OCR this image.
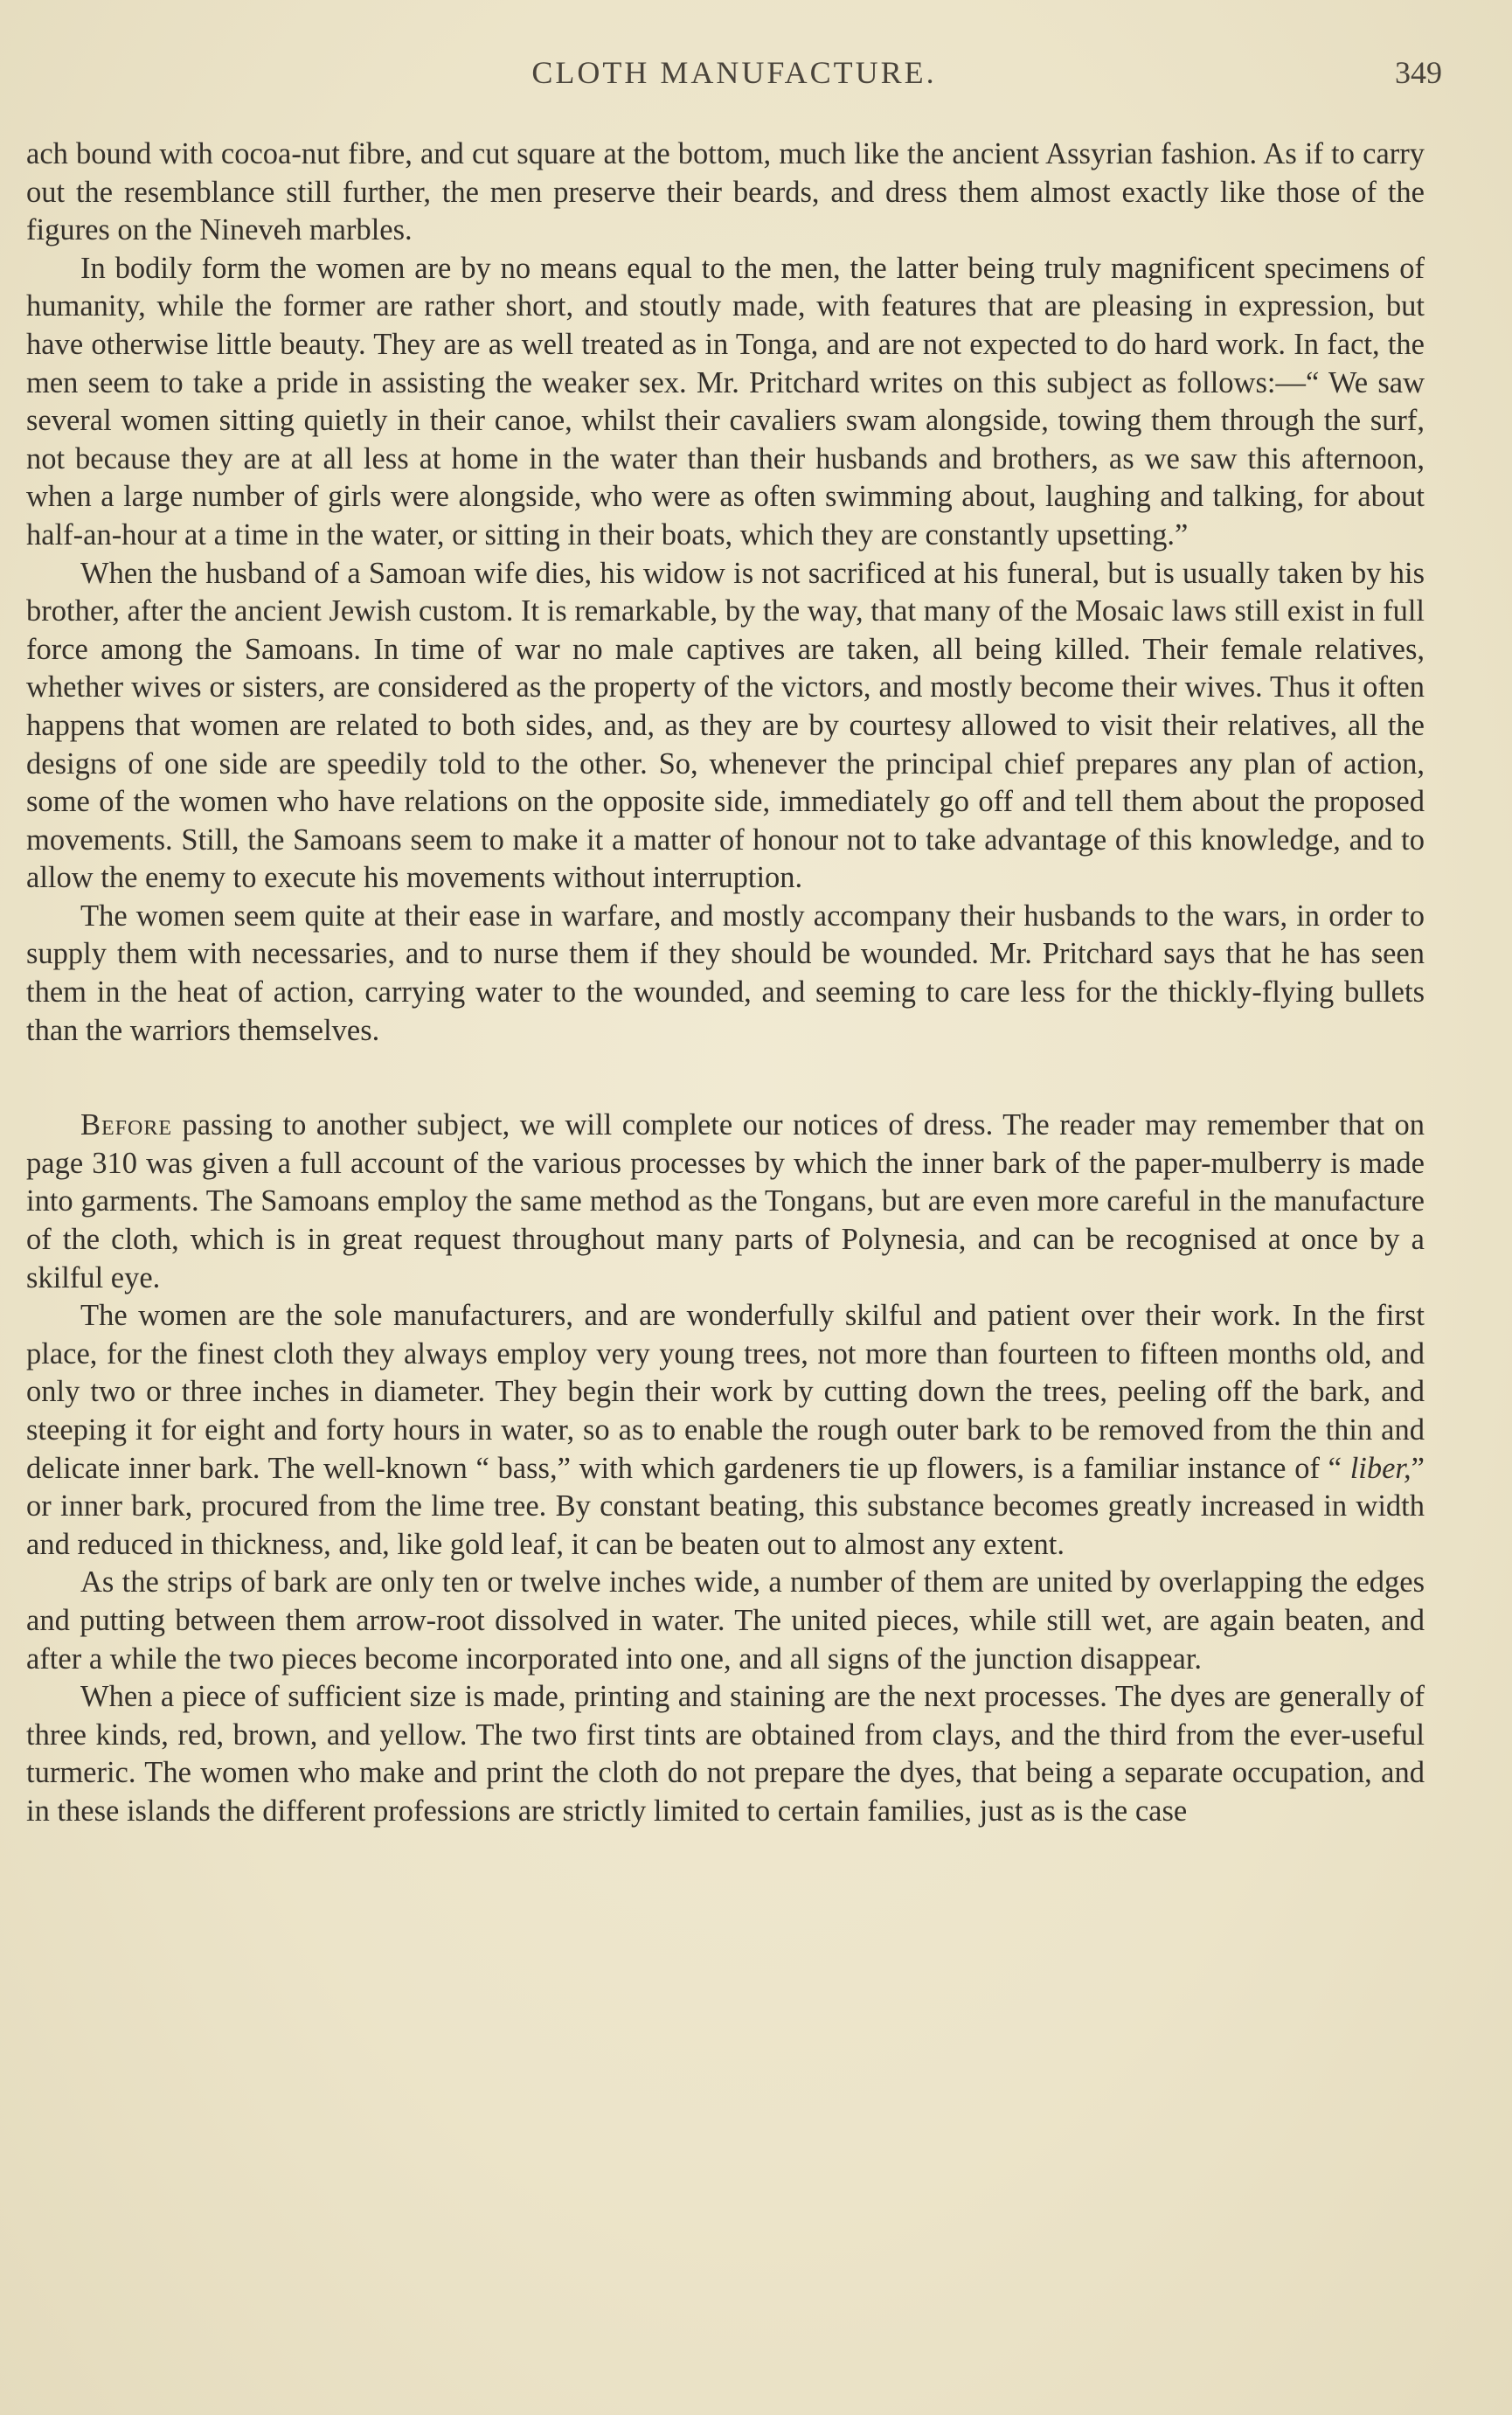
CLOTH MANUFACTURE.	349

ach bound with cocoa-nut fibre, and cut square at the bottom, much like the ancient Assyrian fashion. As if to carry out the resemblance still further, the men preserve their beards, and dress them almost exactly like those of the figures on the Nineveh marbles.

In bodily form the women are by no means equal to the men, the latter being truly magnificent specimens of humanity, while the former are rather short, and stoutly made, with features that are pleasing in expression, but have otherwise little beauty. They are as well treated as in Tonga, and are not expected to do hard work. In fact, the men seem to take a pride in assisting the weaker sex. Mr. Pritchard writes on this subject as follows:—“ We saw several women sitting quietly in their canoe, whilst their cavaliers swam alongside, towing them through the surf, not because they are at all less at home in the water than their husbands and brothers, as we saw this afternoon, when a large number of girls were alongside, who were as often swimming about, laughing and talking, for about half-an-hour at a time in the water, or sitting in their boats, which they are constantly upsetting.”

When the husband of a Samoan wife dies, his widow is not sacrificed at his funeral, but is usually taken by his brother, after the ancient Jewish custom. It is remarkable, by the way, that many of the Mosaic laws still exist in full force among the Samoans. In time of war no male captives are taken, all being killed. Their female relatives, whether wives or sisters, are considered as the property of the victors, and mostly become their wives. Thus it often happens that women are related to both sides, and, as they are by courtesy allowed to visit their relatives, all the designs of one side are speedily told to the other. So, whenever the principal chief prepares any plan of action, some of the women who have relations on the opposite side, immediately go off and tell them about the proposed movements. Still, the Samoans seem to make it a matter of honour not to take advantage of this knowledge, and to allow the enemy to execute his movements without interruption.

The women seem quite at their ease in warfare, and mostly accompany their husbands to the wars, in order to supply them with necessaries, and to nurse them if they should be wounded. Mr. Pritchard says that he has seen them in the heat of action, carrying water to the wounded, and seeming to care less for the thickly-flying bullets than the warriors themselves.

Before passing to another subject, we will complete our notices of dress. The reader may remember that on page 310 was given a full account of the various processes by which the inner bark of the paper-mulberry is made into garments. The Samoans employ the same method as the Tongans, but are even more careful in the manufacture of the cloth, which is in great request throughout many parts of Polynesia, and can be recognised at once by a skilful eye.

The women are the sole manufacturers, and are wonderfully skilful and patient over their work. In the first place, for the finest cloth they always employ very young trees, not more than fourteen to fifteen months old, and only two or three inches in diameter. They begin their work by cutting down the trees, peeling off the bark, and steeping it for eight and forty hours in water, so as to enable the rough outer bark to be removed from the thin and delicate inner bark. The well-known “ bass,” with which gardeners tie up flowers, is a familiar instance of “ liber,” or inner bark, procured from the lime tree. By constant beating, this substance becomes greatly increased in width and reduced in thickness, and, like gold leaf, it can be beaten out to almost any extent.

As the strips of bark are only ten or twelve inches wide, a number of them are united by overlapping the edges and putting between them arrow-root dissolved in water. The united pieces, while still wet, are again beaten, and after a while the two pieces become incorporated into one, and all signs of the junction disappear.

When a piece of sufficient size is made, printing and staining are the next processes. The dyes are generally of three kinds, red, brown, and yellow. The two first tints are obtained from clays, and the third from the ever-useful turmeric. The women who make and print the cloth do not prepare the dyes, that being a separate occupation, and in these islands the different professions are strictly limited to certain families, just as is the case
